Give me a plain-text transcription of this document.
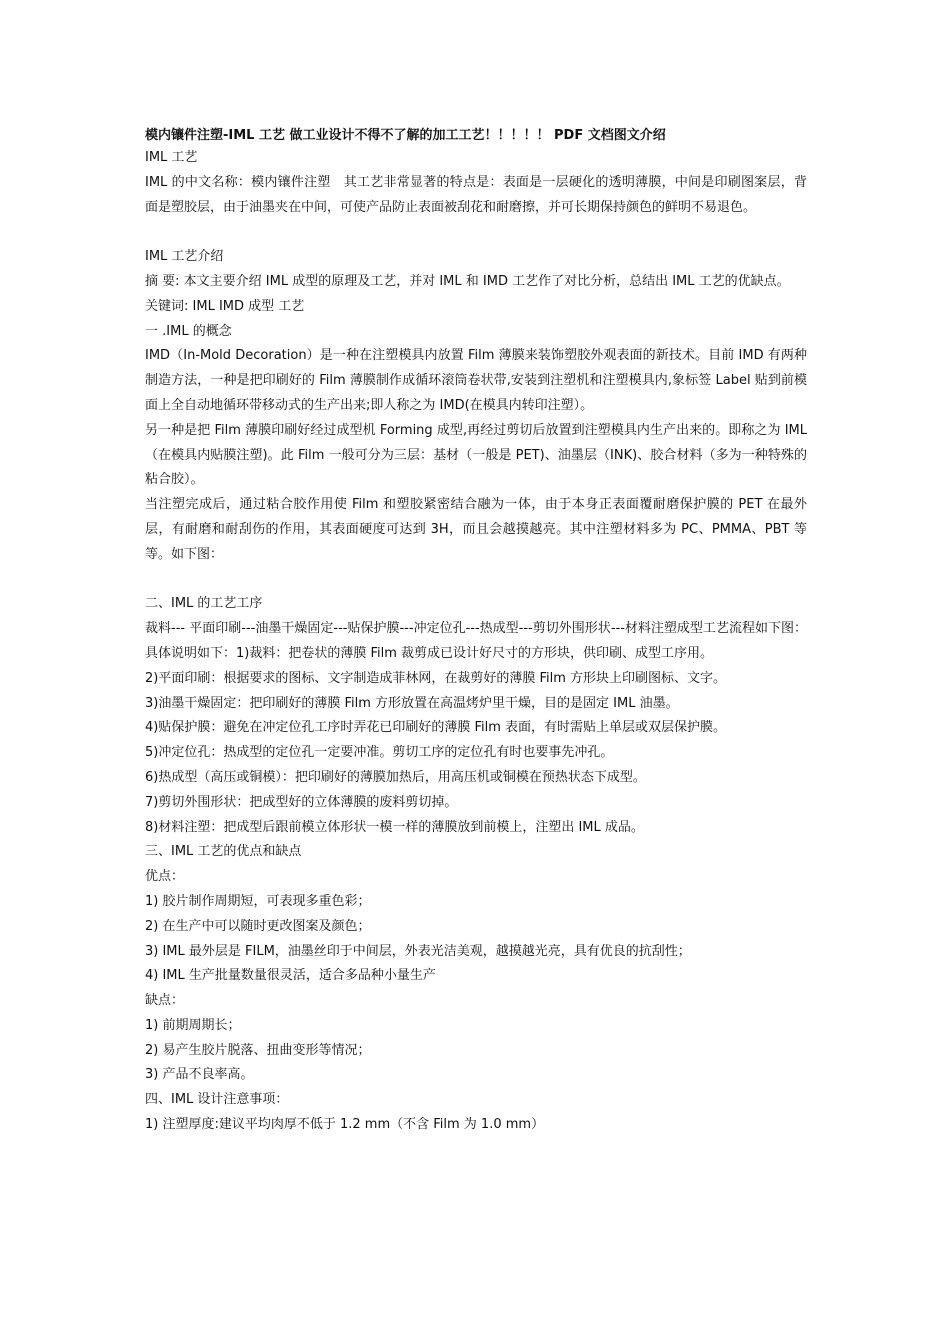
模内镶件注塑-IML 工艺 做工业设计不得不了解的加工工艺！！！！！ PDF 文档图文介绍

IML 工艺

IML 的中文名称：模内镶件注塑　其工艺非常显著的特点是：表面是一层硬化的透明薄膜，中间是印刷图案层，背面是塑胶层，由于油墨夹在中间，可使产品防止表面被刮花和耐磨擦，并可长期保持颜色的鲜明不易退色。

IML 工艺介绍

摘 要: 本文主要介绍 IML 成型的原理及工艺，并对 IML 和 IMD 工艺作了对比分析，总结出 IML 工艺的优缺点。

关键词: IML IMD 成型 工艺

一 .IML 的概念

IMD（In-Mold Decoration）是一种在注塑模具内放置 Film 薄膜来装饰塑胶外观表面的新技术。目前 IMD 有两种制造方法，一种是把印刷好的 Film 薄膜制作成循环滚筒卷状带,安装到注塑机和注塑模具内,象标签 Label 贴到前模面上全自动地循环带移动式的生产出来;即人称之为 IMD(在模具内转印注塑）。

另一种是把 Film 薄膜印刷好经过成型机 Forming 成型,再经过剪切后放置到注塑模具内生产出来的。即称之为 IML（在模具内贴膜注塑)。此 Film 一般可分为三层：基材（一般是 PET)、油墨层（INK)、胶合材料（多为一种特殊的粘合胶）。

当注塑完成后，通过粘合胶作用使 Film 和塑胶紧密结合融为一体，由于本身正表面覆耐磨保护膜的 PET 在最外层，有耐磨和耐刮伤的作用，其表面硬度可达到 3H，而且会越摸越亮。其中注塑材料多为 PC、PMMA、PBT 等等。如下图：

二、IML 的工艺工序

裁料--- 平面印刷---油墨干燥固定---贴保护膜---冲定位孔---热成型---剪切外围形状---材料注塑成型工艺流程如下图：具体说明如下：1)裁料：把卷状的薄膜 Film 裁剪成已设计好尺寸的方形块，供印刷、成型工序用。

2)平面印刷：根据要求的图标、文字制造成菲林网，在裁剪好的薄膜 Film 方形块上印刷图标、文字。

3)油墨干燥固定：把印刷好的薄膜 Film 方形放置在高温烤炉里干燥，目的是固定 IML 油墨。

4)贴保护膜：避免在冲定位孔工序时弄花已印刷好的薄膜 Film 表面，有时需贴上单层或双层保护膜。

5)冲定位孔：热成型的定位孔一定要冲准。剪切工序的定位孔有时也要事先冲孔。

6)热成型（高压或铜模）：把印刷好的薄膜加热后，用高压机或铜模在预热状态下成型。

7)剪切外围形状：把成型好的立体薄膜的废料剪切掉。

8)材料注塑：把成型后跟前模立体形状一模一样的薄膜放到前模上，注塑出 IML 成品。

三、IML 工艺的优点和缺点

优点：

1) 胶片制作周期短，可表现多重色彩；

2) 在生产中可以随时更改图案及颜色；

3) IML 最外层是 FILM，油墨丝印于中间层，外表光洁美观，越摸越光亮，具有优良的抗刮性；

4) IML 生产批量数量很灵活，适合多品种小量生产

缺点：

1) 前期周期长；

2) 易产生胶片脱落、扭曲变形等情况；

3) 产品不良率高。

四、IML 设计注意事项：

1) 注塑厚度:建议平均肉厚不低于 1.2 mm（不含 Film 为 1.0 mm）
